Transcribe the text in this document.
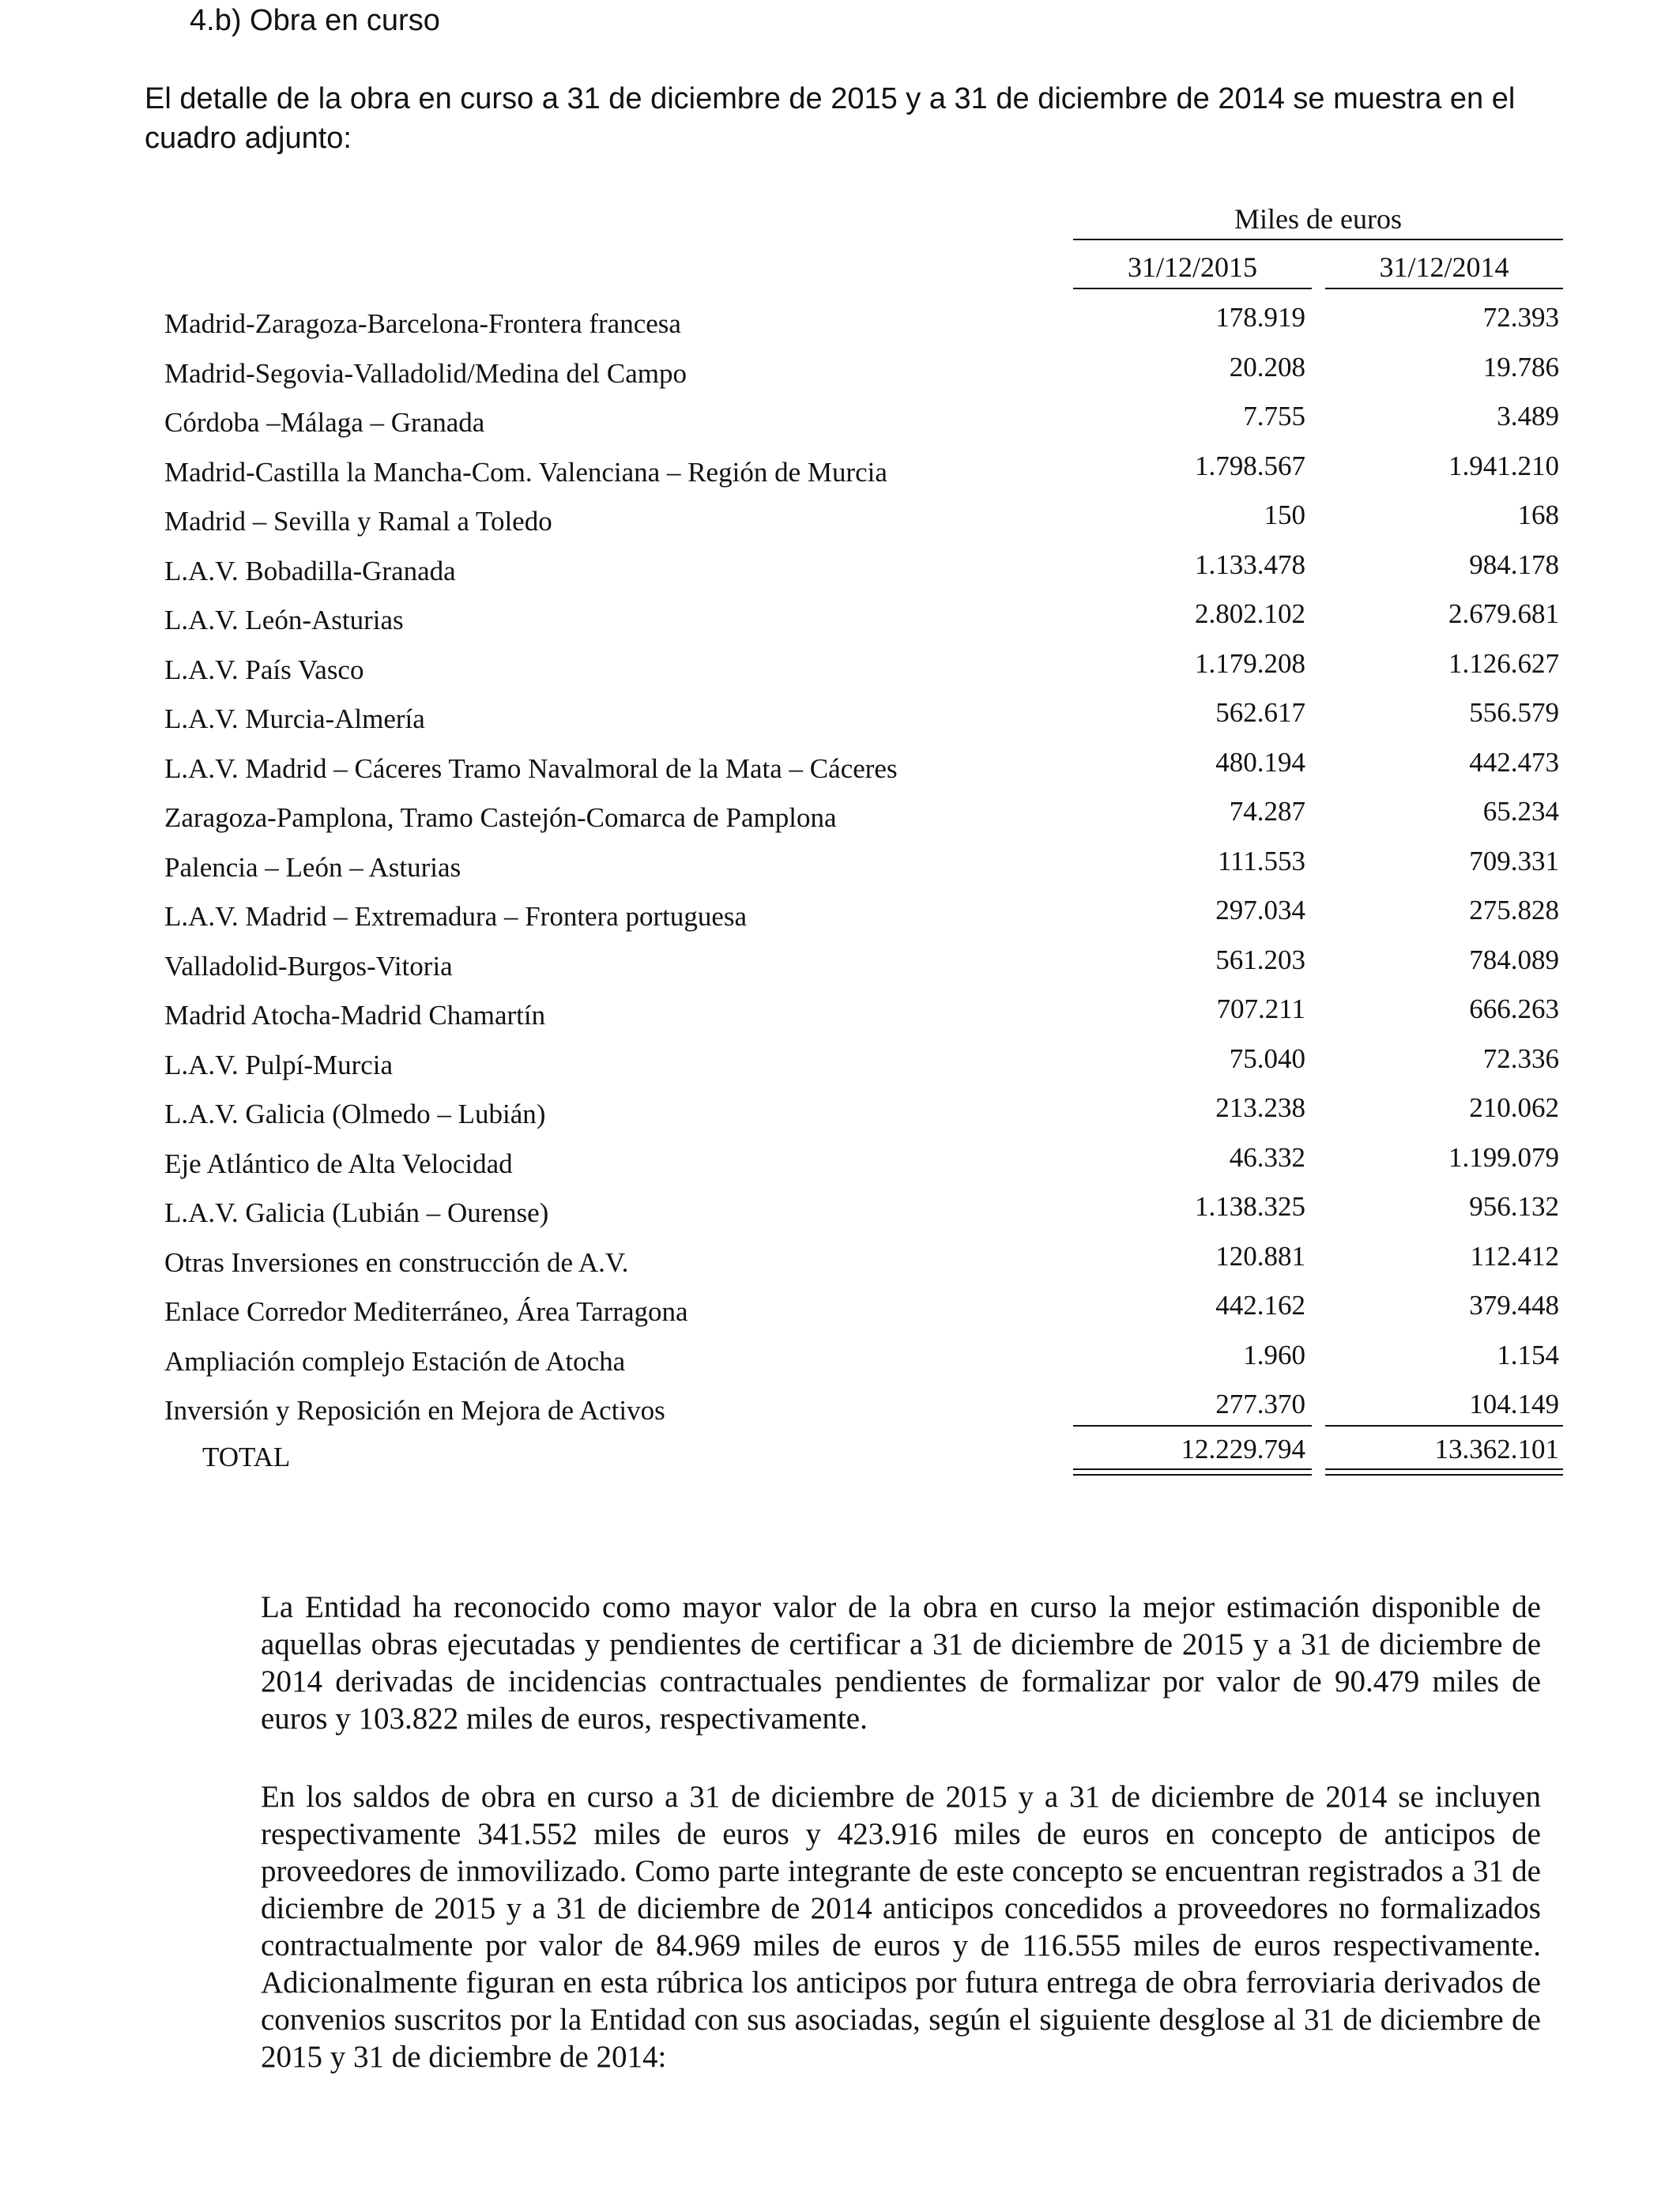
4.b) Obra en curso

El detalle de la obra en curso a 31 de diciembre de 2015 y a 31 de diciembre de 2014 se muestra en el cuadro adjunto:

Miles de euros
31/12/2015	31/12/2014
Madrid-Zaragoza-Barcelona-Frontera francesa	178.919	72.393
Madrid-Segovia-Valladolid/Medina del Campo	20.208	19.786
Córdoba –Málaga – Granada	7.755	3.489
Madrid-Castilla la Mancha-Com. Valenciana – Región de Murcia	1.798.567	1.941.210
Madrid – Sevilla y Ramal a Toledo	150	168
L.A.V. Bobadilla-Granada	1.133.478	984.178
L.A.V. León-Asturias	2.802.102	2.679.681
L.A.V. País Vasco	1.179.208	1.126.627
L.A.V. Murcia-Almería	562.617	556.579
L.A.V. Madrid – Cáceres Tramo Navalmoral de la Mata – Cáceres	480.194	442.473
Zaragoza-Pamplona, Tramo Castejón-Comarca de Pamplona	74.287	65.234
Palencia – León – Asturias	111.553	709.331
L.A.V. Madrid – Extremadura – Frontera portuguesa	297.034	275.828
Valladolid-Burgos-Vitoria	561.203	784.089
Madrid Atocha-Madrid Chamartín	707.211	666.263
L.A.V. Pulpí-Murcia	75.040	72.336
L.A.V. Galicia (Olmedo – Lubián)	213.238	210.062
Eje Atlántico de Alta Velocidad	46.332	1.199.079
L.A.V. Galicia (Lubián – Ourense)	1.138.325	956.132
Otras Inversiones en construcción de A.V.	120.881	112.412
Enlace Corredor Mediterráneo, Área Tarragona	442.162	379.448
Ampliación complejo Estación de Atocha	1.960	1.154
Inversión y Reposición en Mejora de Activos	277.370	104.149
TOTAL	12.229.794	13.362.101

La Entidad ha reconocido como mayor valor de la obra en curso la mejor estimación disponible de aquellas obras ejecutadas y pendientes de certificar a 31 de diciembre de 2015 y a 31 de diciembre de 2014 derivadas de incidencias contractuales pendientes de formalizar por valor de 90.479 miles de euros y 103.822 miles de euros, respectivamente.

En los saldos de obra en curso a 31 de diciembre de 2015 y a 31 de diciembre de 2014 se incluyen respectivamente 341.552 miles de euros y 423.916 miles de euros en concepto de anticipos de proveedores de inmovilizado. Como parte integrante de este concepto se encuentran registrados a 31 de diciembre de 2015 y a 31 de diciembre de 2014 anticipos concedidos a proveedores no formalizados contractualmente por valor de 84.969 miles de euros y de 116.555 miles de euros respectivamente. Adicionalmente figuran en esta rúbrica los anticipos por futura entrega de obra ferroviaria derivados de convenios suscritos por la Entidad con sus asociadas, según el siguiente desglose al 31 de diciembre de 2015 y 31 de diciembre de 2014:
